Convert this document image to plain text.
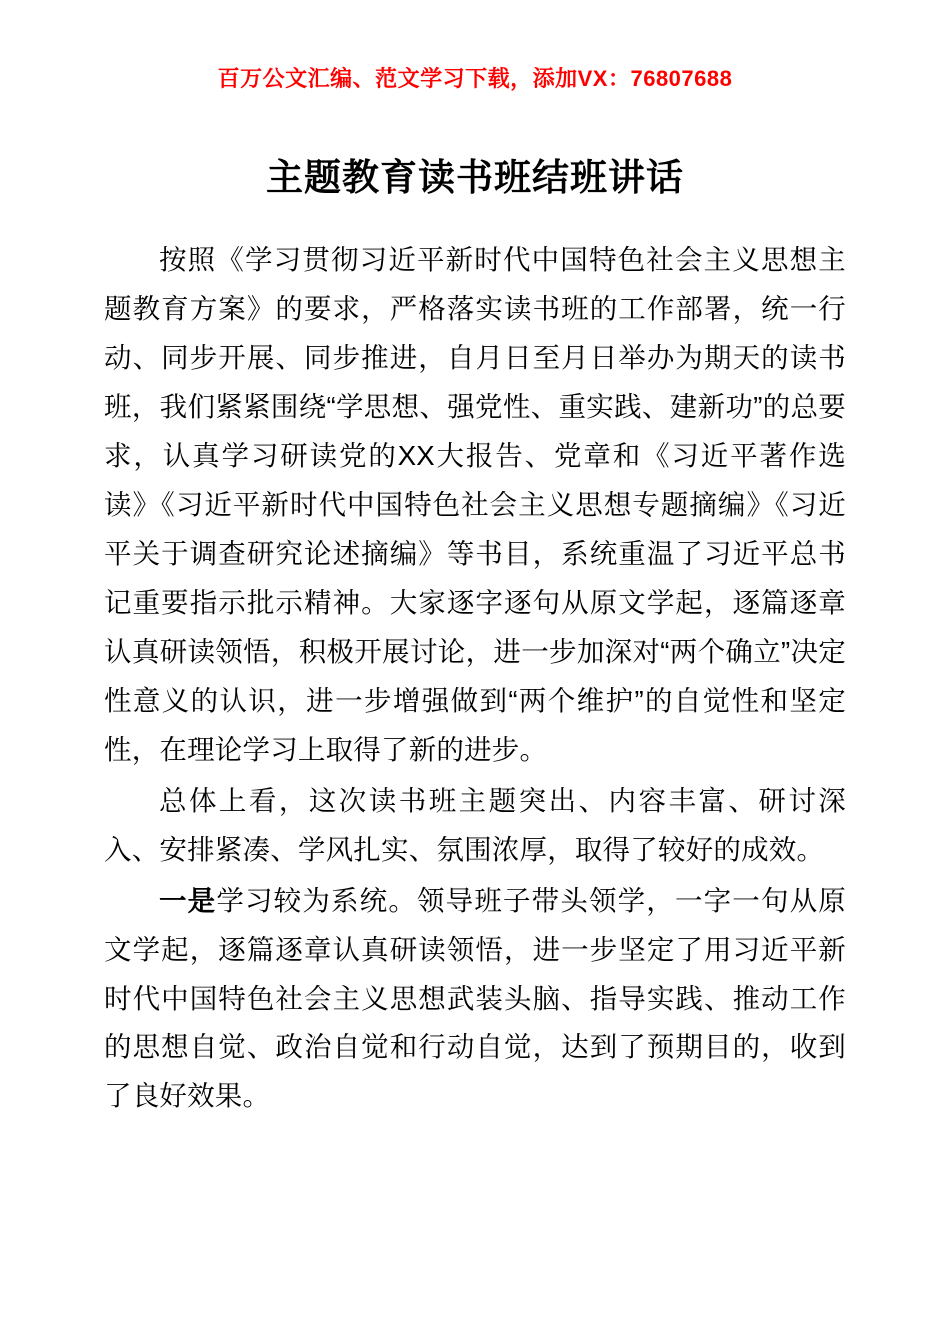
百万公文汇编、范文学习下载，添加VX：76807688
主题教育读书班结班讲话

按照《学习贯彻习近平新时代中国特色社会主义思想主题教育方案》的要求，严格落实读书班的工作部署，统一行动、同步开展、同步推进，自月日至月日举办为期天的读书班，我们紧紧围绕“学思想、强党性、重实践、建新功”的总要求，认真学习研读党的XX大报告、党章和《习近平著作选读》《习近平新时代中国特色社会主义思想专题摘编》《习近平关于调查研究论述摘编》等书目，系统重温了习近平总书记重要指示批示精神。大家逐字逐句从原文学起，逐篇逐章认真研读领悟，积极开展讨论，进一步加深对“两个确立”决定性意义的认识，进一步增强做到“两个维护”的自觉性和坚定性，在理论学习上取得了新的进步。

总体上看，这次读书班主题突出、内容丰富、研讨深入、安排紧凑、学风扎实、氛围浓厚，取得了较好的成效。

一是学习较为系统。领导班子带头领学，一字一句从原文学起，逐篇逐章认真研读领悟，进一步坚定了用习近平新时代中国特色社会主义思想武装头脑、指导实践、推动工作的思想自觉、政治自觉和行动自觉，达到了预期目的，收到了良好效果。
